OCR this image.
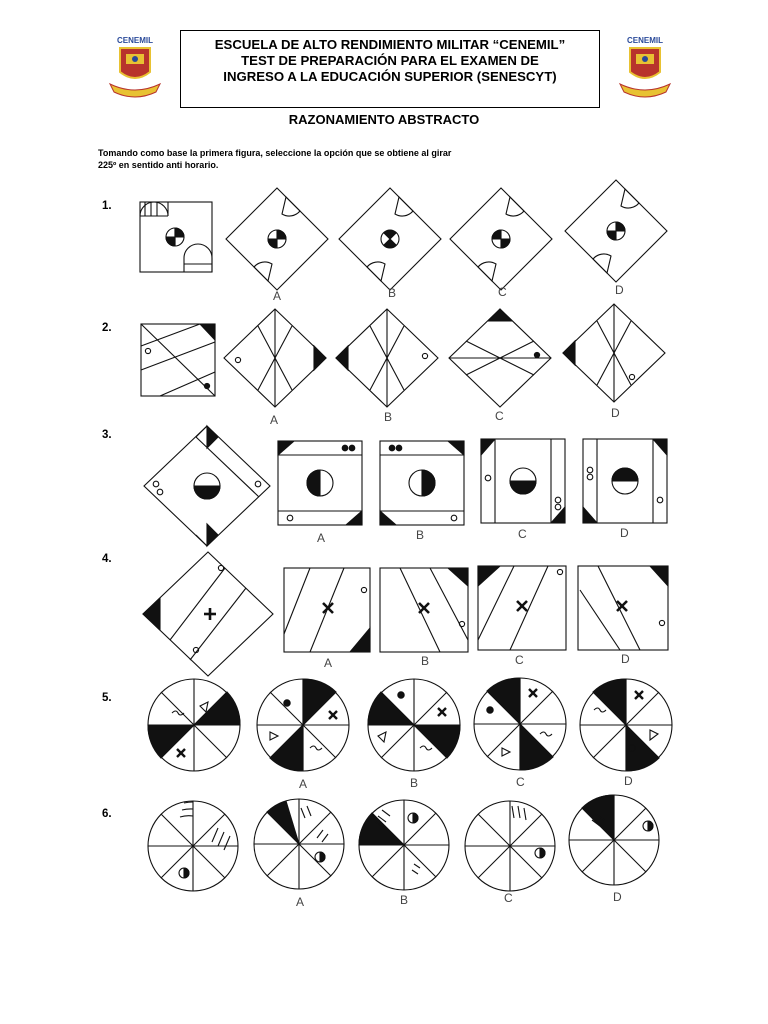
CENEMIL	CENEMIL
ESCUELA DE ALTO RENDIMIENTO MILITAR “CENEMIL”
TEST DE PREPARACIÓN PARA EL EXAMEN DE
INGRESO A LA EDUCACIÓN SUPERIOR (SENESCYT)
RAZONAMIENTO ABSTRACTO
Tomando como base la primera figura, seleccione la opción que se obtiene al girar
225º en sentido anti horario.
1.
2.
3.
4.
5.
6.
A	B	C	D
A	B	C	D
A	B	C	D
A	B	C	D
A	B	C	D
A	B	C	D
